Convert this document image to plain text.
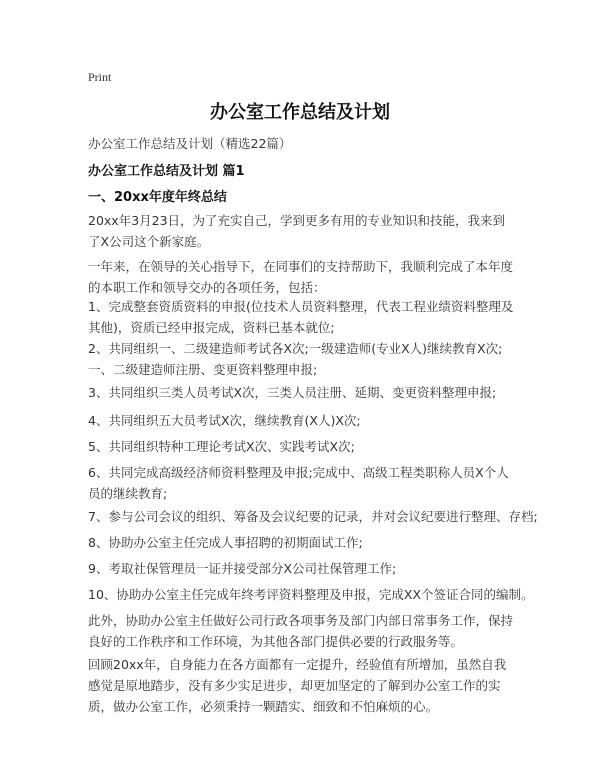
Print
办公室工作总结及计划
办公室工作总结及计划（精选22篇）
办公室工作总结及计划 篇1
一、20xx年度年终总结

20xx年3月23日，为了充实自己，学到更多有用的专业知识和技能，我来到了X公司这个新家庭。

一年来，在领导的关心指导下，在同事们的支持帮助下，我顺利完成了本年度的本职工作和领导交办的各项任务，包括：

1、完成整套资质资料的申报(位技术人员资料整理，代表工程业绩资料整理及其他)，资质已经申报完成，资料已基本就位;

2、共同组织一、二级建造师考试各X次;一级建造师(专业X人)继续教育X次;一、二级建造师注册、变更资料整理申报;

3、共同组织三类人员考试X次，三类人员注册、延期、变更资料整理申报;

4、共同组织五大员考试X次，继续教育(X人)X次;

5、共同组织特种工理论考试X次、实践考试X次;

6、共同完成高级经济师资料整理及申报;完成中、高级工程类职称人员X个人员的继续教育;

7、参与公司会议的组织、筹备及会议纪要的记录，并对会议纪要进行整理、存档;

8、协助办公室主任完成人事招聘的初期面试工作;

9、考取社保管理员一证并接受部分X公司社保管理工作;

10、协助办公室主任完成年终考评资料整理及申报，完成XX个签证合同的编制。

此外，协助办公室主任做好公司行政各项事务及部门内部日常事务工作，保持良好的工作秩序和工作环境，为其他各部门提供必要的行政服务等。

回顾20xx年，自身能力在各方面都有一定提升，经验值有所增加，虽然自我感觉是原地踏步，没有多少实足进步，却更加坚定的了解到办公室工作的实质，做办公室工作，必须秉持一颗踏实、细致和不怕麻烦的心。
